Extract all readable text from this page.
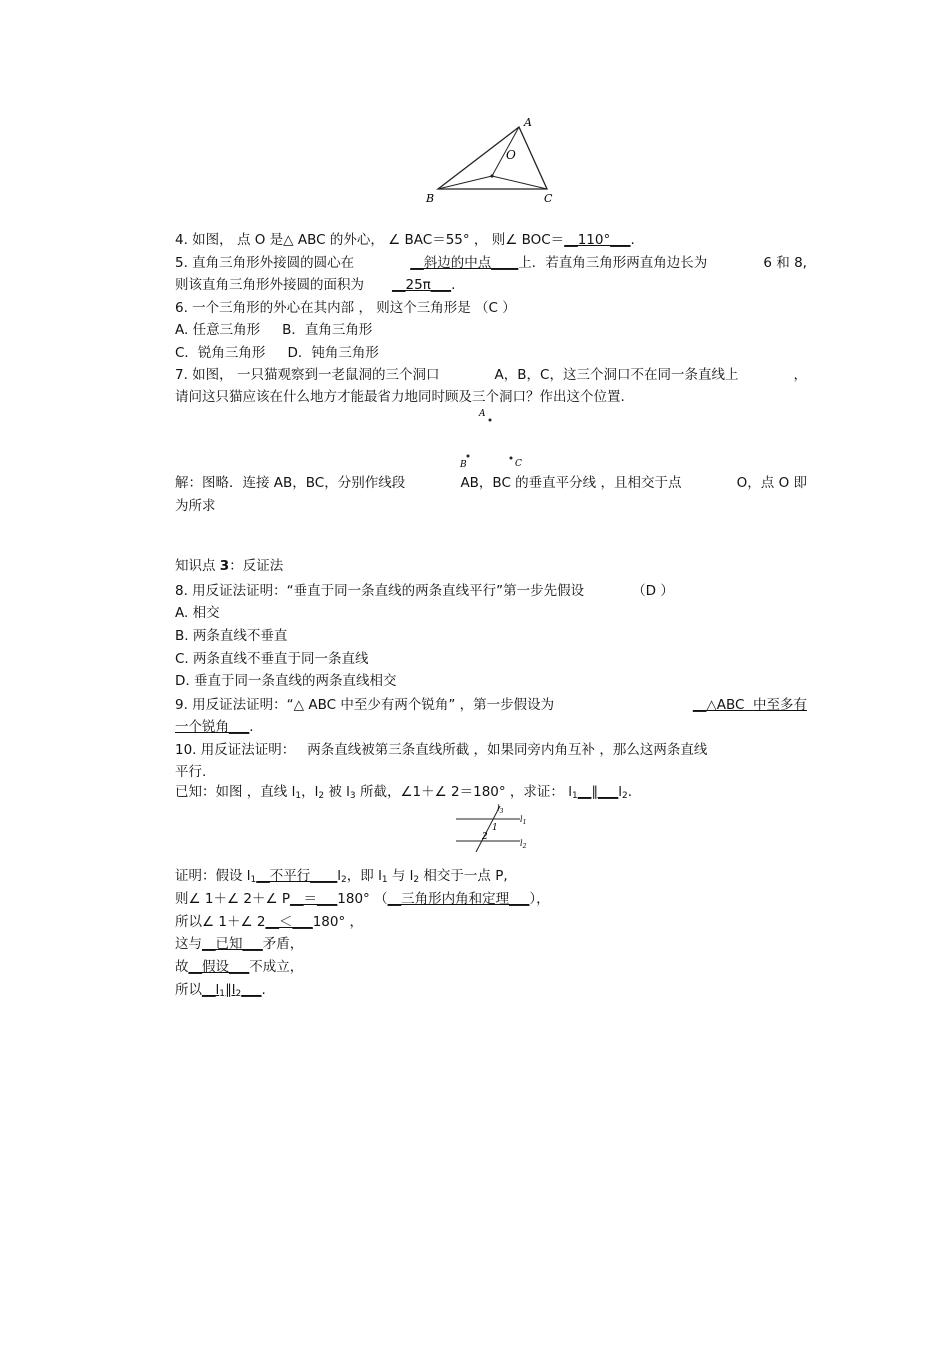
A
O
B	C
4. 如图， 点 O 是△ ABC 的外心， ∠ BAC＝55° ， 则∠ BOC＝__110°___.
5. 直角三角形外接圆的圆心在	__斜边的中点____上．若直角三角形两直角边长为	6 和 8,
则该直角三角形外接圆的面积为 __25π___.
6. 一个三角形的外心在其内部 ， 则这个三角形是 （C ）
A. 任意三角形 B．直角三角形
C．锐角三角形 D．钝角三角形
7. 如图， 一只猫观察到一老鼠洞的三个洞口	A，B，C，这三个洞口不在同一条直线上	，
请问这只猫应该在什么地方才能最省力地同时顾及三个洞口？作出这个位置.
A
B	C
解：图略．连接 AB，BC，分别作线段	AB，BC 的垂直平分线 ，且相交于点	O，点 O 即
为所求
知识点 3：反证法
8. 用反证法证明：“垂直于同一条直线的两条直线平行”第一步先假设	（D ）
A. 相交
B. 两条直线不垂直
C. 两条直线不垂直于同一条直线
D. 垂直于同一条直线的两条直线相交
9. 用反证法证明：“△ ABC 中至少有两个锐角” ，第一步假设为	__△ABC  中至多有
一个锐角___.
10. 用反证法证明： 两条直线被第三条直线所截 ，如果同旁内角互补 ，那么这两条直线
平行.
已知：如图 ，直线 $l_1$，$l_2$ 被 $l_3$ 所截，∠1＋∠ 2＝180° ，求证： $l_1\_\_\parallel\_\_\_l_2$.
$l_3$
$l_1$
$l_2$
1
2
证明：假设 $l_1\_\_$不平行$\_\_\_\_l_2$，即 $l_1$ 与 $l_2$ 相交于一点 P,
则∠ 1＋∠ 2＋∠ P__＝___180° （__三角形内角和定理___），
所以∠ 1＋∠ 2__＜___180° ，
这与__已知___矛盾，
故__假设___不成立，
所以$\_\_l_1\parallel l_2\_\_\_$.
